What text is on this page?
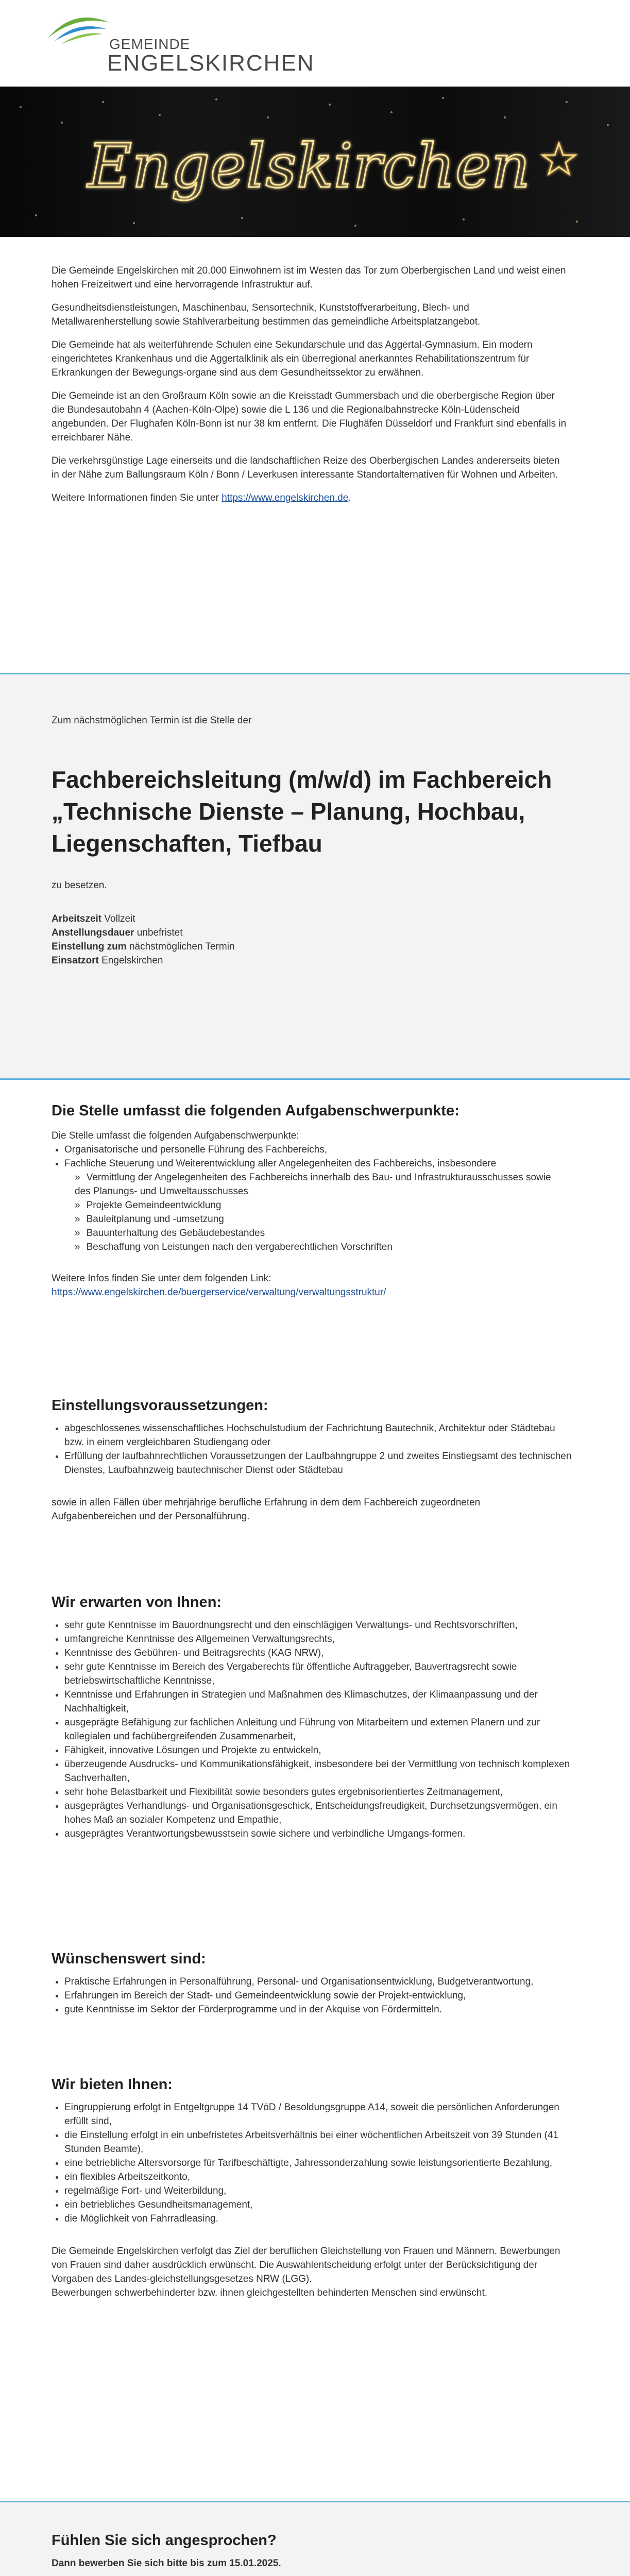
GEMEINDE
ENGELSKIRCHEN
Engelskirchen

Die Gemeinde Engelskirchen mit 20.000 Einwohnern ist im Westen das Tor zum Oberbergischen Land und weist einen hohen Freizeitwert und eine hervorragende Infrastruktur auf.

Gesundheitsdienstleistungen, Maschinenbau, Sensortechnik, Kunststoffverarbeitung, Blech- und Metallwarenherstellung sowie Stahlverarbeitung bestimmen das gemeindliche Arbeitsplatzangebot.

Die Gemeinde hat als weiterführende Schulen eine Sekundarschule und das Aggertal-Gymnasium. Ein modern eingerichtetes Krankenhaus und die Aggertalklinik als ein überregional anerkanntes Rehabilitationszentrum für Erkrankungen der Bewegungs-organe sind aus dem Gesundheitssektor zu erwähnen.

Die Gemeinde ist an den Großraum Köln sowie an die Kreisstadt Gummersbach und die oberbergische Region über die Bundesautobahn 4 (Aachen-Köln-Olpe) sowie die L 136 und die Regionalbahnstrecke Köln-Lüdenscheid angebunden. Der Flughafen Köln-Bonn ist nur 38 km entfernt. Die Flughäfen Düsseldorf und Frankfurt sind ebenfalls in erreichbarer Nähe.

Die verkehrsgünstige Lage einerseits und die landschaftlichen Reize des Oberbergischen Landes andererseits bieten in der Nähe zum Ballungsraum Köln / Bonn / Leverkusen interessante Standortalternativen für Wohnen und Arbeiten.

Weitere Informationen finden Sie unter https://www.engelskirchen.de.

Zum nächstmöglichen Termin ist die Stelle der

Fachbereichsleitung (m/w/d) im Fachbereich „Technische Dienste – Planung, Hochbau, Liegenschaften, Tiefbau

zu besetzen.

Arbeitszeit Vollzeit

Anstellungsdauer unbefristet

Einstellung zum nächstmöglichen Termin

Einsatzort Engelskirchen

Die Stelle umfasst die folgenden Aufgabenschwerpunkte:

Die Stelle umfasst die folgenden Aufgabenschwerpunkte:

• Organisatorische und personelle Führung des Fachbereichs,
• Fachliche Steuerung und Weiterentwicklung aller Angelegenheiten des Fachbereichs, insbesondere
» Vermittlung der Angelegenheiten des Fachbereichs innerhalb des Bau- und Infrastrukturausschusses sowie des Planungs- und Umweltausschusses
» Projekte Gemeindeentwicklung
» Bauleitplanung und -umsetzung
» Bauunterhaltung des Gebäudebestandes
» Beschaffung von Leistungen nach den vergaberechtlichen Vorschriften

Weitere Infos finden Sie unter dem folgenden Link:

https://www.engelskirchen.de/buergerservice/verwaltung/verwaltungsstruktur/

Einstellungsvoraussetzungen:
• abgeschlossenes wissenschaftliches Hochschulstudium der Fachrichtung Bautechnik, Architektur oder Städtebau bzw. in einem vergleichbaren Studiengang oder
• Erfüllung der laufbahnrechtlichen Voraussetzungen der Laufbahngruppe 2 und zweites Einstiegsamt des technischen Dienstes, Laufbahnzweig bautechnischer Dienst oder Städtebau

sowie in allen Fällen über mehrjährige berufliche Erfahrung in dem dem Fachbereich zugeordneten Aufgabenbereichen und der Personalführung.

Wir erwarten von Ihnen:
• sehr gute Kenntnisse im Bauordnungsrecht und den einschlägigen Verwaltungs- und Rechtsvorschriften,
• umfangreiche Kenntnisse des Allgemeinen Verwaltungsrechts,
• Kenntnisse des Gebühren- und Beitragsrechts (KAG NRW),
• sehr gute Kenntnisse im Bereich des Vergaberechts für öffentliche Auftraggeber, Bauvertragsrecht sowie betriebswirtschaftliche Kenntnisse,
• Kenntnisse und Erfahrungen in Strategien und Maßnahmen des Klimaschutzes, der Klimaanpassung und der Nachhaltigkeit,
• ausgeprägte Befähigung zur fachlichen Anleitung und Führung von Mitarbeitern und externen Planern und zur kollegialen und fachübergreifenden Zusammenarbeit,
• Fähigkeit, innovative Lösungen und Projekte zu entwickeln,
• überzeugende Ausdrucks- und Kommunikationsfähigkeit, insbesondere bei der Vermittlung von technisch komplexen Sachverhalten,
• sehr hohe Belastbarkeit und Flexibilität sowie besonders gutes ergebnisorientiertes Zeitmanagement,
• ausgeprägtes Verhandlungs- und Organisationsgeschick, Entscheidungsfreudigkeit, Durchsetzungsvermögen, ein hohes Maß an sozialer Kompetenz und Empathie,
• ausgeprägtes Verantwortungsbewusstsein sowie sichere und verbindliche Umgangs-formen.
Wünschenswert sind:
• Praktische Erfahrungen in Personalführung, Personal- und Organisationsentwicklung, Budgetverantwortung,
• Erfahrungen im Bereich der Stadt- und Gemeindeentwicklung sowie der Projekt-entwicklung,
• gute Kenntnisse im Sektor der Förderprogramme und in der Akquise von Fördermitteln.
Wir bieten Ihnen:
• Eingruppierung erfolgt in Entgeltgruppe 14 TVöD / Besoldungsgruppe A14, soweit die persönlichen Anforderungen erfüllt sind,
• die Einstellung erfolgt in ein unbefristetes Arbeitsverhältnis bei einer wöchentlichen Arbeitszeit von 39 Stunden (41 Stunden Beamte),
• eine betriebliche Altersvorsorge für Tarifbeschäftigte, Jahressonderzahlung sowie leistungsorientierte Bezahlung,
• ein flexibles Arbeitszeitkonto,
• regelmäßige Fort- und Weiterbildung,
• ein betriebliches Gesundheitsmanagement,
• die Möglichkeit von Fahrradleasing.

Die Gemeinde Engelskirchen verfolgt das Ziel der beruflichen Gleichstellung von Frauen und Männern. Bewerbungen von Frauen sind daher ausdrücklich erwünscht. Die Auswahlentscheidung erfolgt unter der Berücksichtigung der Vorgaben des Landes-gleichstellungsgesetzes NRW (LGG).

Bewerbungen schwerbehinderter bzw. ihnen gleichgestellten behinderten Menschen sind erwünscht.

Fühlen Sie sich angesprochen?

Dann bewerben Sie sich bitte bis zum 15.01.2025.
